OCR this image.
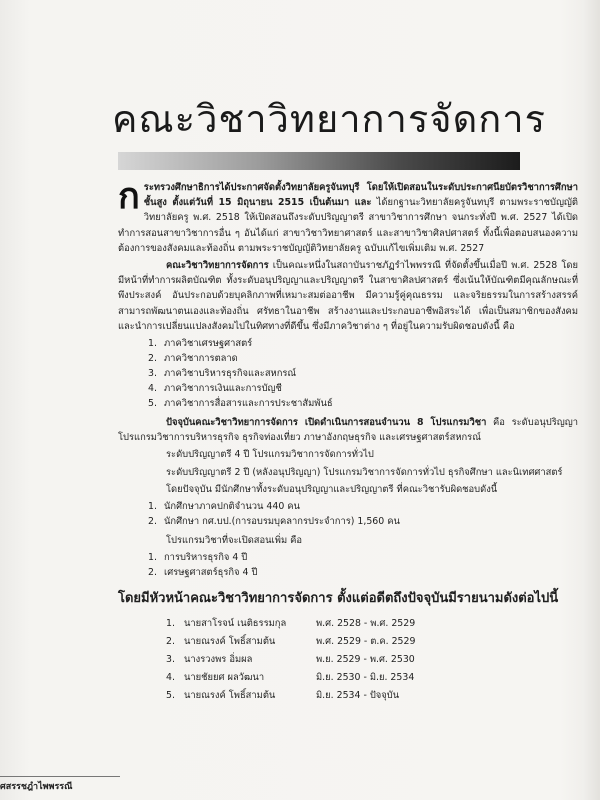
คณะวิชาวิทยาการจัดการ

กระทรวงศึกษาธิการได้ประกาศจัดตั้งวิทยาลัยครูจันทบุรี โดยให้เปิดสอนในระดับประกาศนียบัตรวิชาการศึกษาชั้นสูง ตั้งแต่วันที่ 15 มิถุนายน 2515 เป็นต้นมา และ ได้ยกฐานะวิทยาลัยครูจันทบุรี ตามพระราชบัญญัติวิทยาลัยครู พ.ศ. 2518 ให้เปิดสอนถึงระดับปริญญาตรี สาขาวิชาการศึกษา จนกระทั่งปี พ.ศ. 2527 ได้เปิดทำการสอนสาขาวิชาการอื่น ๆ อันได้แก่ สาขาวิชาวิทยาศาสตร์ และสาขาวิชาศิลปศาสตร์ ทั้งนี้เพื่อตอบสนองความต้องการของสังคมและท้องถิ่น ตามพระราชบัญญัติวิทยาลัยครู ฉบับแก้ไขเพิ่มเติม พ.ศ. 2527

คณะวิชาวิทยาการจัดการ เป็นคณะหนึ่งในสถาบันราชภัฏรำไพพรรณี ที่จัดตั้งขึ้นเมื่อปี พ.ศ. 2528 โดยมีหน้าที่ทำการผลิตบัณฑิต ทั้งระดับอนุปริญญาและปริญญาตรี ในสาขาศิลปศาสตร์ ซึ่งเน้นให้บัณฑิตมีคุณลักษณะที่พึงประสงค์ อันประกอบด้วยบุคลิกภาพที่เหมาะสมต่ออาชีพ มีความรู้คู่คุณธรรม และจริยธรรมในการสร้างสรรค์ สามารถพัฒนาตนเองและท้องถิ่น ศรัทธาในอาชีพ สร้างงานและประกอบอาชีพอิสระได้ เพื่อเป็นสมาชิกของสังคมและนำการเปลี่ยนแปลงสังคมไปในทิศทางที่ดีขึ้น ซึ่งมีภาควิชาต่าง ๆ ที่อยู่ในความรับผิดชอบดังนี้ คือ

1. ภาควิชาเศรษฐศาสตร์
2. ภาควิชาการตลาด
3. ภาควิชาบริหารธุรกิจและสหกรณ์
4. ภาควิชาการเงินและการบัญชี
5. ภาควิชาการสื่อสารและการประชาสัมพันธ์

ปัจจุบันคณะวิชาวิทยาการจัดการ เปิดดำเนินการสอนจำนวน 8 โปรแกรมวิชา คือ ระดับอนุปริญญา โปรแกรมวิชาการบริหารธุรกิจ ธุรกิจท่องเที่ยว ภาษาอังกฤษธุรกิจ และเศรษฐศาสตร์สหกรณ์

ระดับปริญญาตรี 4 ปี โปรแกรมวิชาการจัดการทั่วไป

ระดับปริญญาตรี 2 ปี (หลังอนุปริญญา) โปรแกรมวิชาการจัดการทั่วไป ธุรกิจศึกษา และนิเทศศาสตร์

โดยปัจจุบัน มีนักศึกษาทั้งระดับอนุปริญญาและปริญญาตรี ที่คณะวิชารับผิดชอบดังนี้

1. นักศึกษาภาคปกติจำนวน 440 คน
2. นักศึกษา กศ.บป.(การอบรมบุคลากรประจำการ) 1,560 คน

โปรแกรมวิชาที่จะเปิดสอนเพิ่ม คือ

1. การบริหารธุรกิจ 4 ปี
2. เศรษฐศาสตร์ธุรกิจ 4 ปี
โดยมีหัวหน้าคณะวิชาวิทยาการจัดการ ตั้งแต่อดีตถึงปัจจุบันมีรายนามดังต่อไปนี้
1.	นายสาโรจน์ เนติธรรมกุล	พ.ศ. 2528 - พ.ศ. 2529
2.	นายณรงค์ โพธิ์สามต้น	พ.ศ. 2529 - ต.ค. 2529
3.	นางรวงพร อิ่มผล	พ.ย. 2529 - พ.ศ. 2530
4.	นายชัยยศ ผลวัฒนา	มิ.ย. 2530 - มิ.ย. 2534
5.	นายณรงค์ โพธิ์สามต้น	มิ.ย. 2534 - ปัจจุบัน
ศสรรชฎำไพพรรณี
